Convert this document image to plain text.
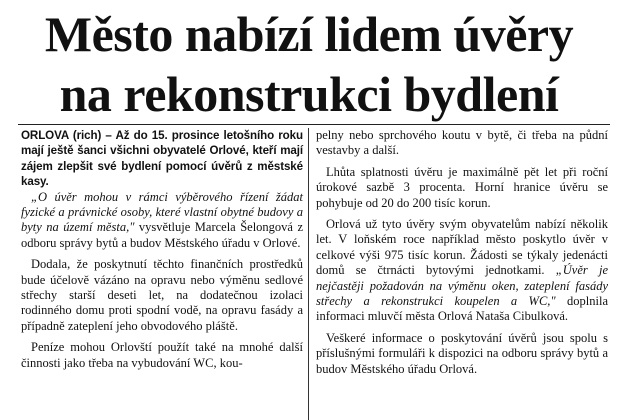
Město nabízí lidem úvěry
na rekonstrukci bydlení

ORLOVA (rich) – Až do 15. prosince letošního roku mají ještě šanci všichni obyvatelé Orlové, kteří mají zájem zlepšit své bydlení pomocí úvěrů z městské kasy.

„O úvěr mohou v rámci výběrového řízení žádat fyzické a právnické osoby, které vlastní obytné budovy a byty na území města," vysvětluje Marcela Šelongová z odboru správy bytů a budov Městského úřadu v Orlové.

Dodala, že poskytnutí těchto finančních prostředků bude účelově vázáno na opravu nebo výměnu sedlové střechy starší deseti let, na dodatečnou izolaci rodinného domu proti spodní vodě, na opravu fasády a případně zateplení jeho obvodového pláště.

Peníze mohou Orlovští použít také na mnohé další činnosti jako třeba na vybudování WC, kou-

pelny nebo sprchového koutu v bytě, či třeba na půdní vestavby a další.

Lhůta splatnosti úvěru je maximálně pět let při roční úrokové sazbě 3 procenta. Horní hranice úvěru se pohybuje od 20 do 200 tisíc korun.

Orlová už tyto úvěry svým obyvatelům nabízí několik let. V loňském roce například město poskytlo úvěr v celkové výši 975 tisíc korun. Žádosti se týkaly jedenácti domů se čtrnácti bytovými jednotkami. „Úvěr je nejčastěji požadován na výměnu oken, zateplení fasády střechy a rekonstrukci koupelen a WC," doplnila informaci mluvčí města Orlová Nataša Cibulková.

Veškeré informace o poskytování úvěrů jsou spolu s příslušnými formuláři k dispozici na odboru správy bytů a budov Městského úřadu Orlová.
